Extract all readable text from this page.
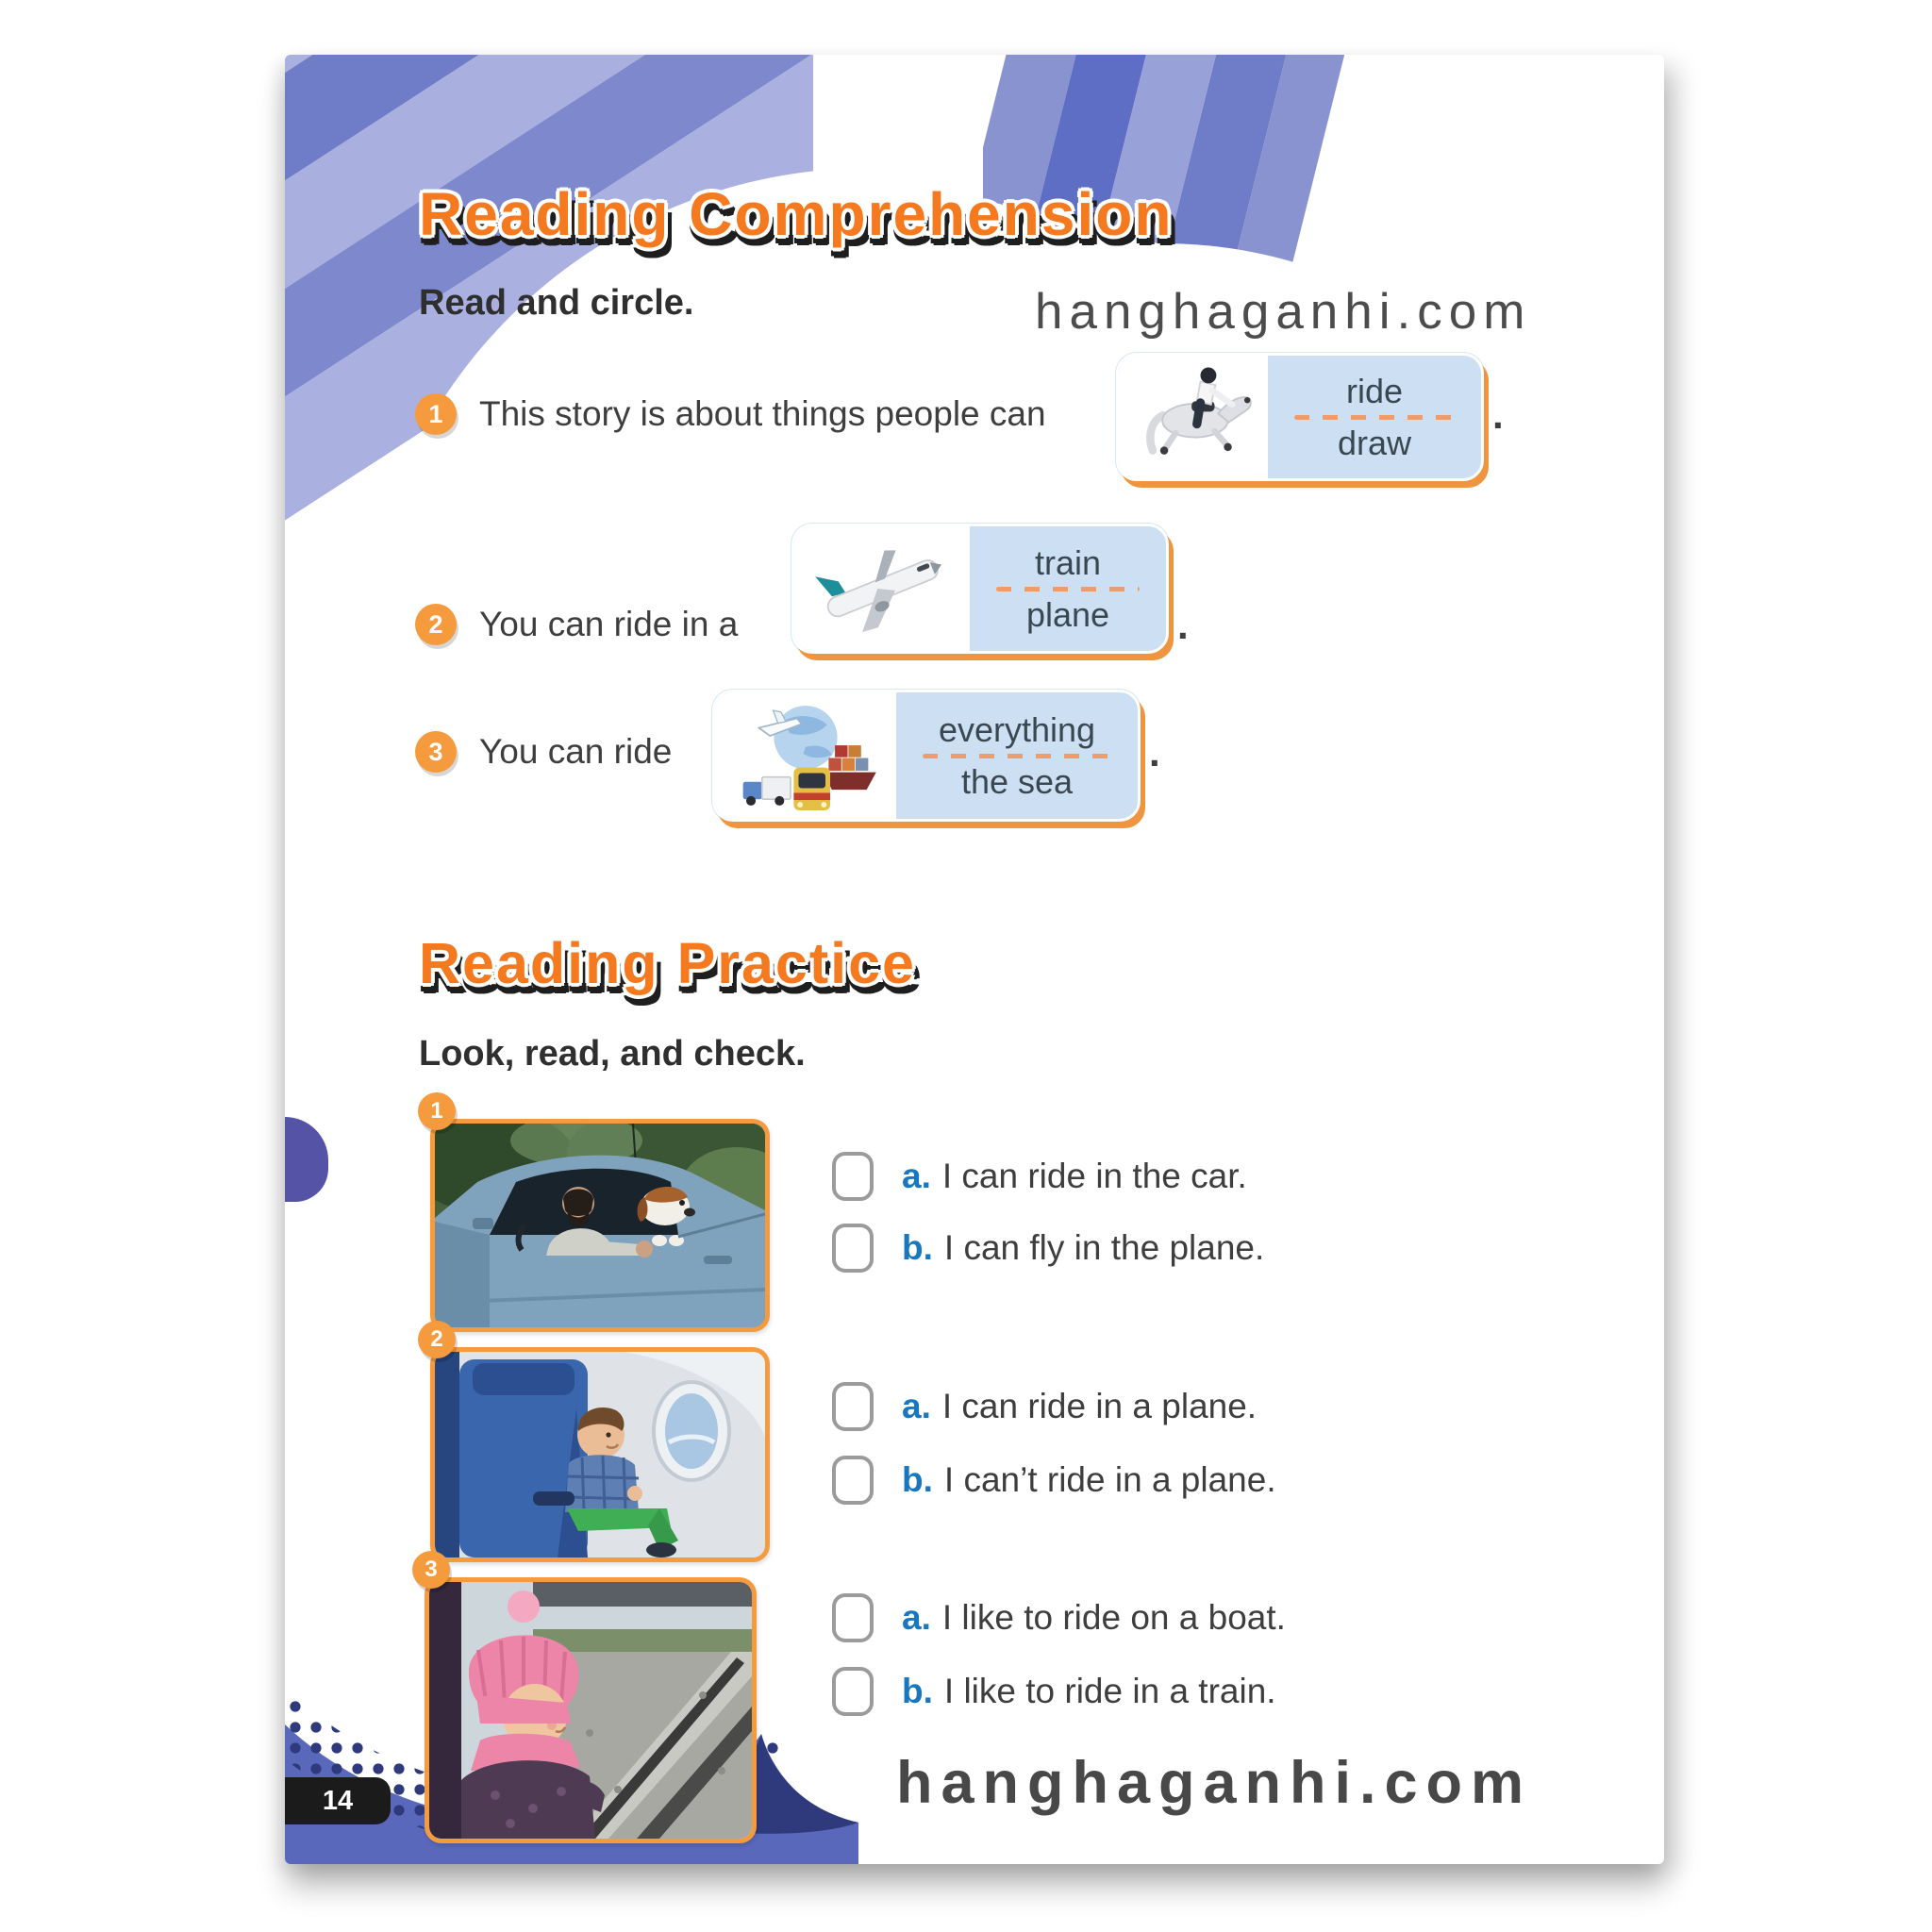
14
Reading Comprehension
Read and circle.	hanghaganhi.com
1	This story is about things people can
ride
draw
.
2	You can ride in a
train
plane	.
3	You can ride
everything
the sea
.
Reading Practice
Look, read, and check.
1
a. I can ride in the car.
b. I can fly in the plane.
2
a. I can ride in a plane.
b. I can’t ride in a plane.
3
a. I like to ride on a boat.
b. I like to ride in a train.
hanghaganhi.com
